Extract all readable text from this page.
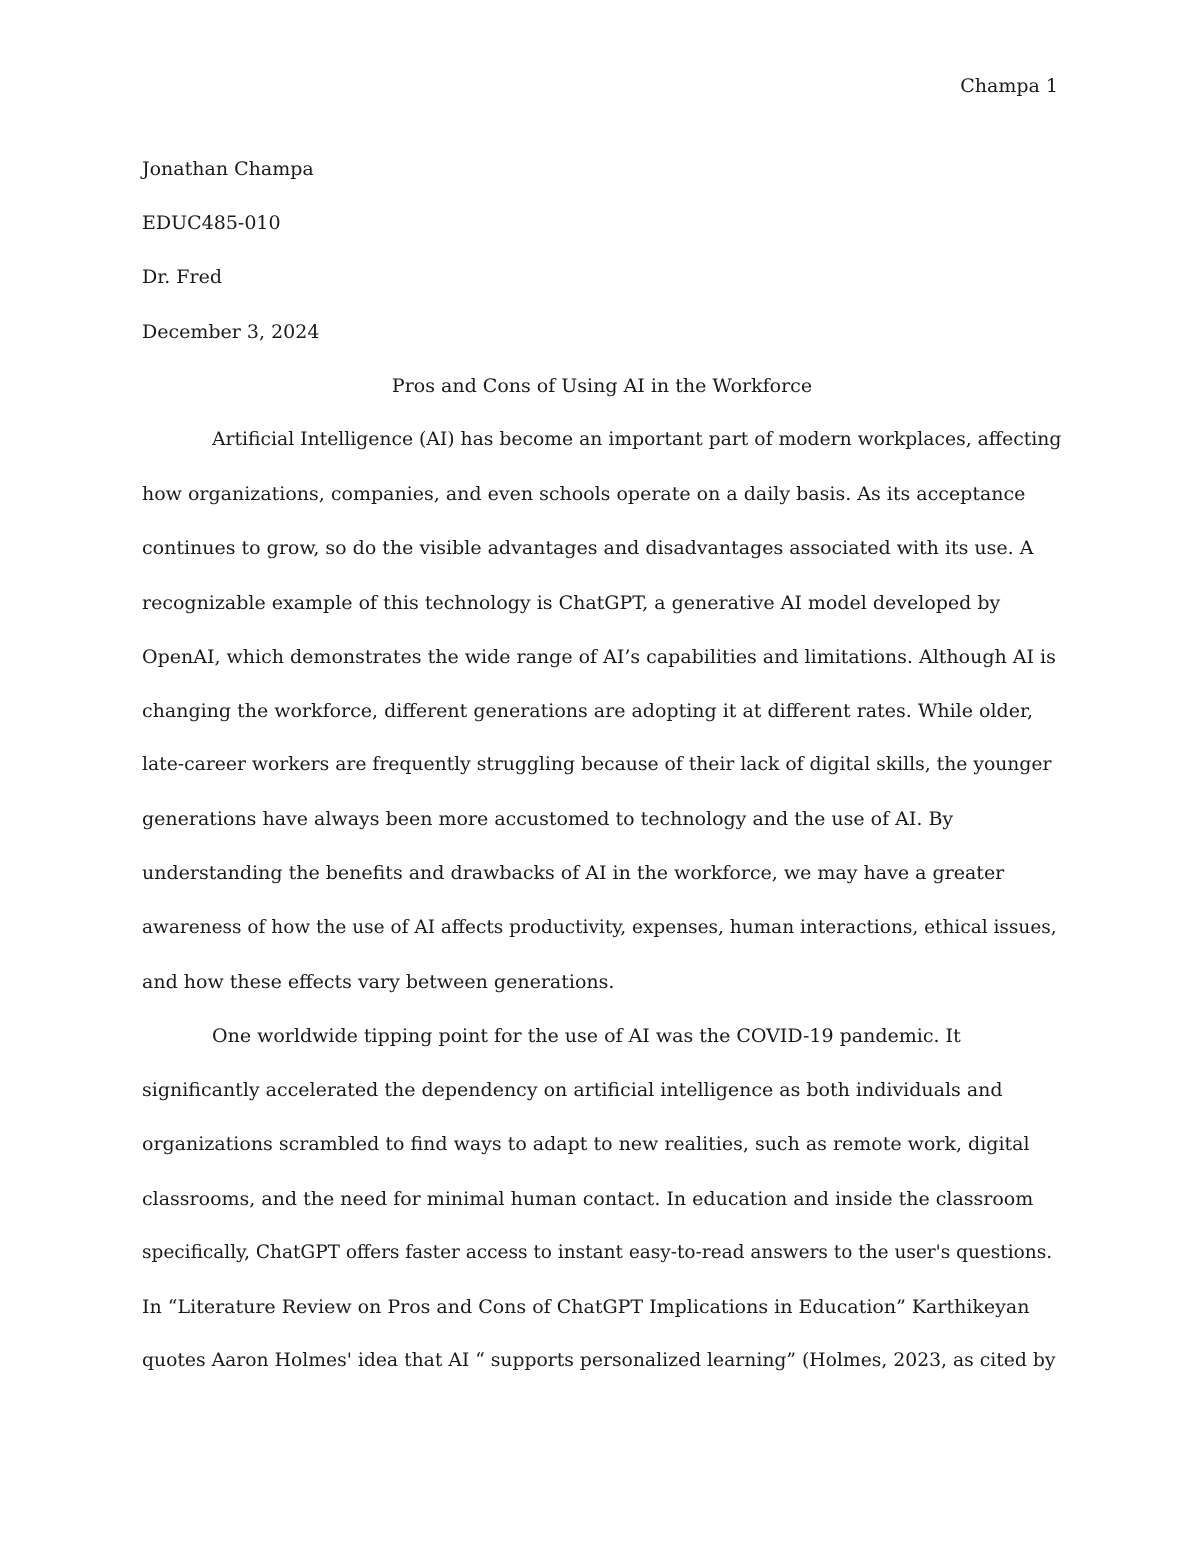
Champa 1
Jonathan Champa
EDUC485-010
Dr. Fred
December 3, 2024
Pros and Cons of Using AI in the Workforce
Artificial Intelligence (AI) has become an important part of modern workplaces, affecting
how organizations, companies, and even schools operate on a daily basis. As its acceptance
continues to grow, so do the visible advantages and disadvantages associated with its use. A
recognizable example of this technology is ChatGPT, a generative AI model developed by
OpenAI, which demonstrates the wide range of AI’s capabilities and limitations. Although AI is
changing the workforce, different generations are adopting it at different rates. While older,
late-career workers are frequently struggling because of their lack of digital skills, the younger
generations have always been more accustomed to technology and the use of AI. By
understanding the benefits and drawbacks of AI in the workforce, we may have a greater
awareness of how the use of AI affects productivity, expenses, human interactions, ethical issues,
and how these effects vary between generations.
One worldwide tipping point for the use of AI was the COVID-19 pandemic. It
significantly accelerated the dependency on artificial intelligence as both individuals and
organizations scrambled to find ways to adapt to new realities, such as remote work, digital
classrooms, and the need for minimal human contact. In education and inside the classroom
specifically, ChatGPT offers faster access to instant easy-to-read answers to the user's questions.
In “Literature Review on Pros and Cons of ChatGPT Implications in Education” Karthikeyan
quotes Aaron Holmes' idea that AI “ supports personalized learning” (Holmes, 2023, as cited by
